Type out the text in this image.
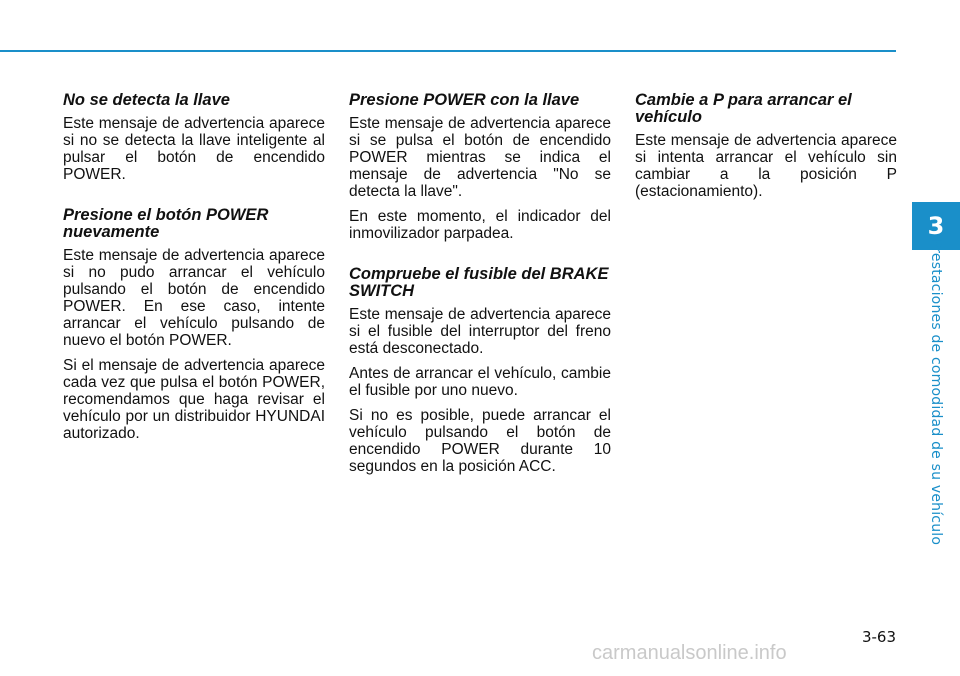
No se detecta la llave

Este mensaje de advertencia aparece si no se detecta la llave inteligente al pulsar el botón de encendido POWER.

Presione el botón POWER nuevamente

Este mensaje de advertencia aparece si no pudo arrancar el vehículo pulsando el botón de encendido POWER. En ese caso, intente arrancar el vehículo pulsando de nuevo el botón POWER.

Si el mensaje de advertencia aparece cada vez que pulsa el botón POWER, recomendamos que haga revisar el vehículo por un distribuidor HYUNDAI autorizado.

Presione POWER con la llave

Este mensaje de advertencia aparece si se pulsa el botón de encendido POWER mientras se indica el mensaje de advertencia "No se detecta la llave".

En este momento, el indicador del inmovilizador parpadea.

Compruebe el fusible del BRAKE SWITCH

Este mensaje de advertencia aparece si el fusible del interruptor del freno está desconectado.

Antes de arrancar el vehículo, cambie el fusible por uno nuevo.

Si no es posible, puede arrancar el vehículo pulsando el botón de encendido POWER durante 10 segundos en la posición ACC.

Cambie a P para arrancar el vehículo

Este mensaje de advertencia aparece si intenta arrancar el vehículo sin cambiar a la posición P (estacionamiento).

3
Prestaciones de comodidad de su vehículo
3-63
carmanualsonline.info
